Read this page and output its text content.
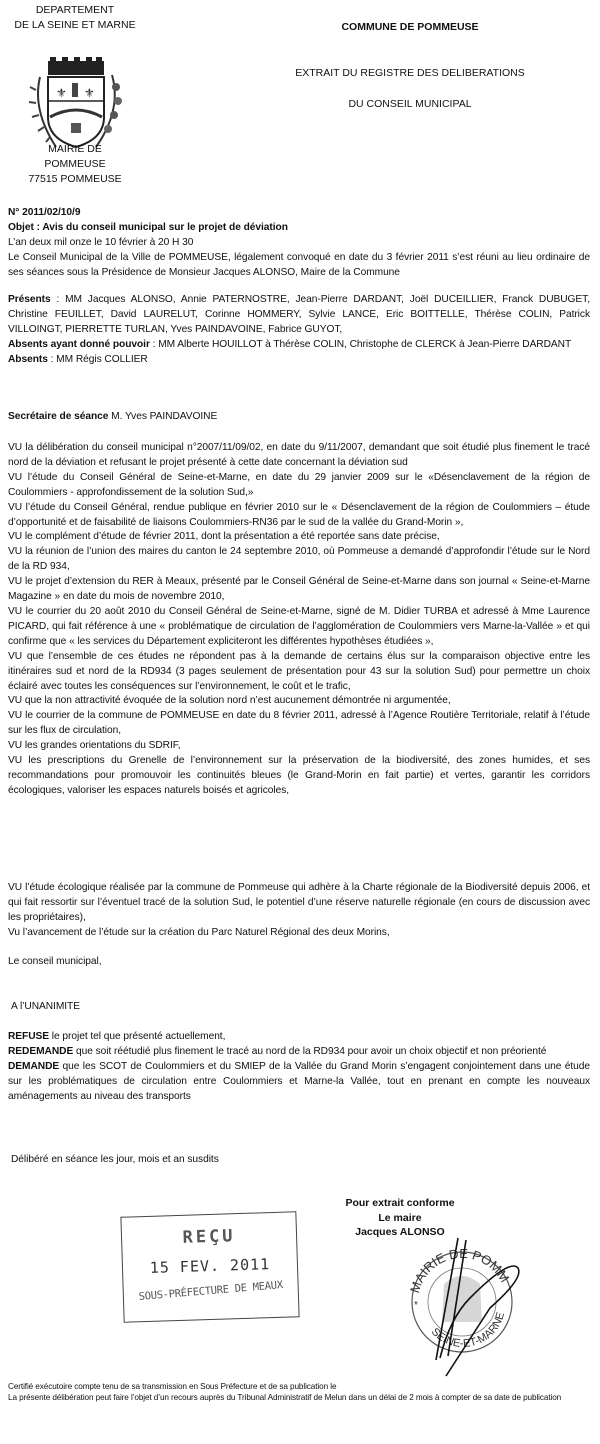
DEPARTEMENT
DE LA SEINE ET MARNE
⚜ ⚜
MAIRIE DE
POMMEUSE
77515 POMMEUSE
COMMUNE DE POMMEUSE
EXTRAIT DU REGISTRE DES DELIBERATIONS
DU CONSEIL MUNICIPAL

N° 2011/02/10/9

Objet : Avis du conseil municipal sur le projet de déviation

L’an deux mil onze le 10 février à 20 H 30

Le Conseil Municipal de la Ville de POMMEUSE, légalement convoqué en date du 3 février 2011 s’est réuni au lieu ordinaire de ses séances sous la Présidence de Monsieur Jacques ALONSO, Maire de la Commune

Présents : MM Jacques ALONSO, Annie PATERNOSTRE, Jean-Pierre DARDANT, Joël DUCEILLIER, Franck DUBUGET, Christine FEUILLET, David LAURELUT, Corinne HOMMERY, Sylvie LANCE, Eric BOITTELLE, Thérèse COLIN, Patrick VILLOINGT, PIERRETTE TURLAN, Yves PAINDAVOINE, Fabrice GUYOT,

Absents ayant donné pouvoir : MM Alberte HOUILLOT à Thérèse COLIN, Christophe de CLERCK à Jean-Pierre DARDANT

Absents : MM Régis COLLIER

Secrétaire de séance M. Yves PAINDAVOINE

VU la délibération du conseil municipal n°2007/11/09/02, en date du 9/11/2007, demandant que soit étudié plus finement le tracé nord de la déviation et refusant le projet présenté à cette date concernant la déviation sud

VU l’étude du Conseil Général de Seine-et-Marne, en date du 29 janvier 2009 sur le «Désenclavement de la région de Coulommiers - approfondissement de la solution Sud,»

VU l’étude du Conseil Général, rendue publique en février 2010 sur le « Désenclavement de la région de Coulommiers – étude d’opportunité et de faisabilité de liaisons Coulommiers-RN36 par le sud de la vallée du Grand-Morin »,

VU le complément d’étude de février 2011, dont la présentation a été reportée sans date précise,

VU la réunion de l’union des maires du canton le 24 septembre 2010, où Pommeuse a demandé d’approfondir l’étude sur le Nord de la RD 934,

VU le projet d’extension du RER à Meaux, présenté par le Conseil Général de Seine-et-Marne dans son journal « Seine-et-Marne Magazine » en date du mois de novembre 2010,

VU le courrier du 20 août 2010 du Conseil Général de Seine-et-Marne, signé de M. Didier TURBA et adressé à Mme Laurence PICARD, qui fait référence à une « problématique de circulation de l’agglomération de Coulommiers vers Marne-la-Vallée » et qui confirme que « les services du Département expliciteront les différentes hypothèses étudiées »,

VU que l’ensemble de ces études ne répondent pas à la demande de certains élus sur la comparaison objective entre les itinéraires sud et nord de la RD934 (3 pages seulement de présentation pour 43 sur la solution Sud) pour permettre un choix éclairé avec toutes les conséquences sur l’environnement, le coût et le trafic,

VU que la non attractivité évoquée de la solution nord n’est aucunement démontrée ni argumentée,

VU le courrier de la commune de POMMEUSE en date du 8 février 2011, adressé à l’Agence Routière Territoriale, relatif à l’étude sur les flux de circulation,

VU les grandes orientations du SDRIF,

VU les prescriptions du Grenelle de l’environnement sur la préservation de la biodiversité, des zones humides, et ses recommandations pour promouvoir les continuités bleues (le Grand-Morin en fait partie) et vertes, garantir les corridors écologiques, valoriser les espaces naturels boisés et agricoles,

VU l’étude écologique réalisée par la commune de Pommeuse qui adhère à la Charte régionale de la Biodiversité depuis 2006, et qui fait ressortir sur l’éventuel tracé de la solution Sud, le potentiel d’une réserve naturelle régionale (en cours de discussion avec les propriétaires),

Vu l’avancement de l’étude sur la création du Parc Naturel Régional des deux Morins,

Le conseil municipal,
A l’UNANIMITE

REFUSE le projet tel que présenté actuellement,

REDEMANDE que soit réétudié plus finement le tracé au nord de la RD934 pour avoir un choix objectif et non préorienté

DEMANDE que les SCOT de Coulommiers et du SMIEP de la Vallée du Grand Morin s’engagent conjointement dans une étude sur les problématiques de circulation entre Coulommiers et Marne-la Vallée, tout en prenant en compte les nouveaux aménagements au niveau des transports

Délibéré en séance les jour, mois et an susdits
Pour extrait conforme
Le maire
Jacques ALONSO
MAIRIE DE POMM
SEINE-ET-MARNE
*
REÇU
15 FEV. 2011
SOUS-PRÉFECTURE DE MEAUX
Certifié exécutoire compte tenu de sa transmission en Sous Préfecture et de sa publication le
La présente délibération peut faire l’objet d’un recours auprès du Tribunal Administratif de Melun dans un délai de 2 mois à compter de sa date de publication
